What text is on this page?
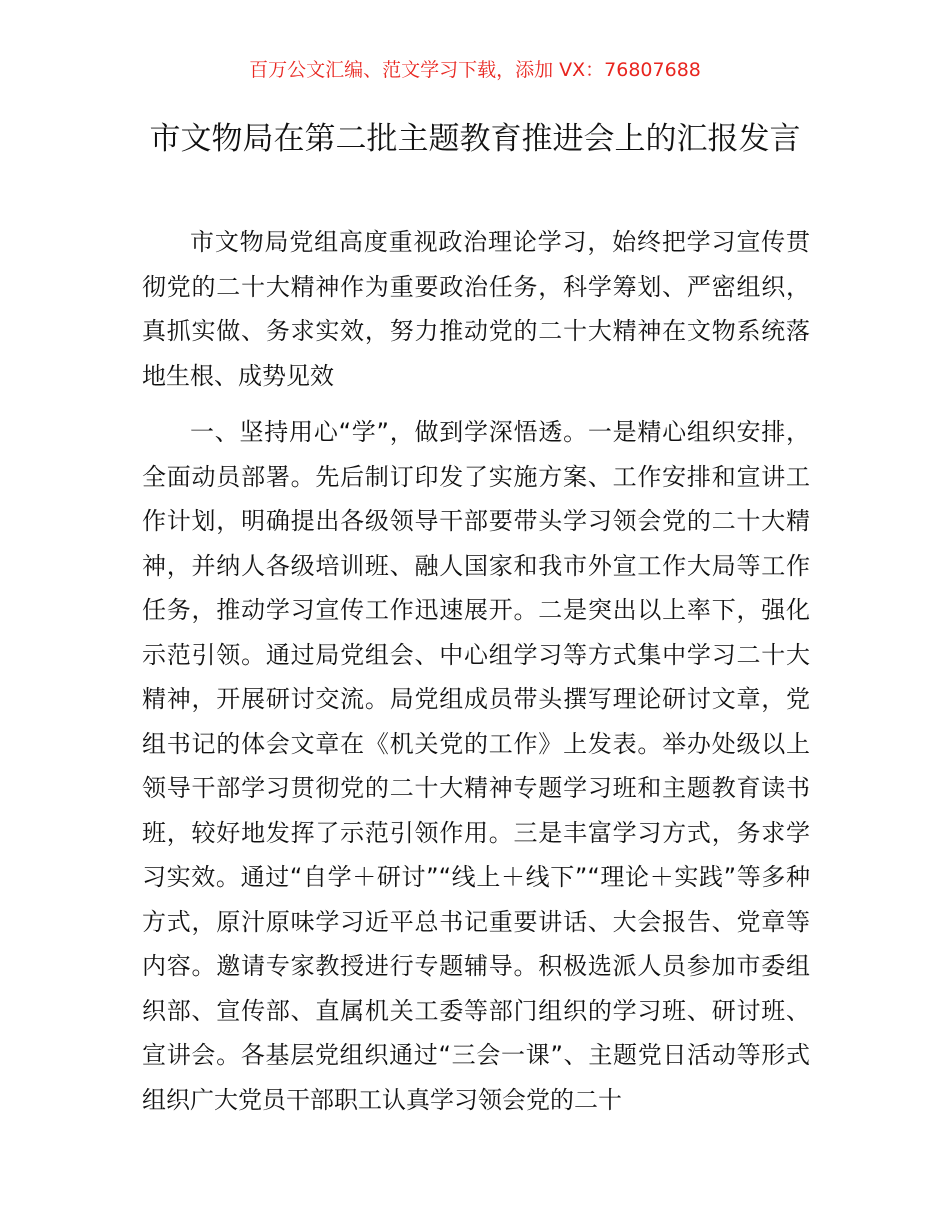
百万公文汇编、范文学习下载，添加 VX：76807688
市文物局在第二批主题教育推进会上的汇报发言

市文物局党组高度重视政治理论学习，始终把学习宣传贯彻党的二十大精神作为重要政治任务，科学筹划、严密组织，真抓实做、务求实效，努力推动党的二十大精神在文物系统落地生根、成势见效

一、坚持用心“学”，做到学深悟透。一是精心组织安排，全面动员部署。先后制订印发了实施方案、工作安排和宣讲工作计划，明确提出各级领导干部要带头学习领会党的二十大精神，并纳人各级培训班、融人国家和我市外宣工作大局等工作任务，推动学习宣传工作迅速展开。二是突出以上率下，强化示范引领。通过局党组会、中心组学习等方式集中学习二十大精神，开展研讨交流。局党组成员带头撰写理论研讨文章，党组书记的体会文章在《机关党的工作》上发表。举办处级以上领导干部学习贯彻党的二十大精神专题学习班和主题教育读书班，较好地发挥了示范引领作用。三是丰富学习方式，务求学习实效。通过“自学＋研讨”“线上＋线下”“理论＋实践”等多种方式，原汁原味学习近平总书记重要讲话、大会报告、党章等内容。邀请专家教授进行专题辅导。积极选派人员参加市委组织部、宣传部、直属机关工委等部门组织的学习班、研讨班、宣讲会。各基层党组织通过“三会一课”、主题党日活动等形式组织广大党员干部职工认真学习领会党的二十
